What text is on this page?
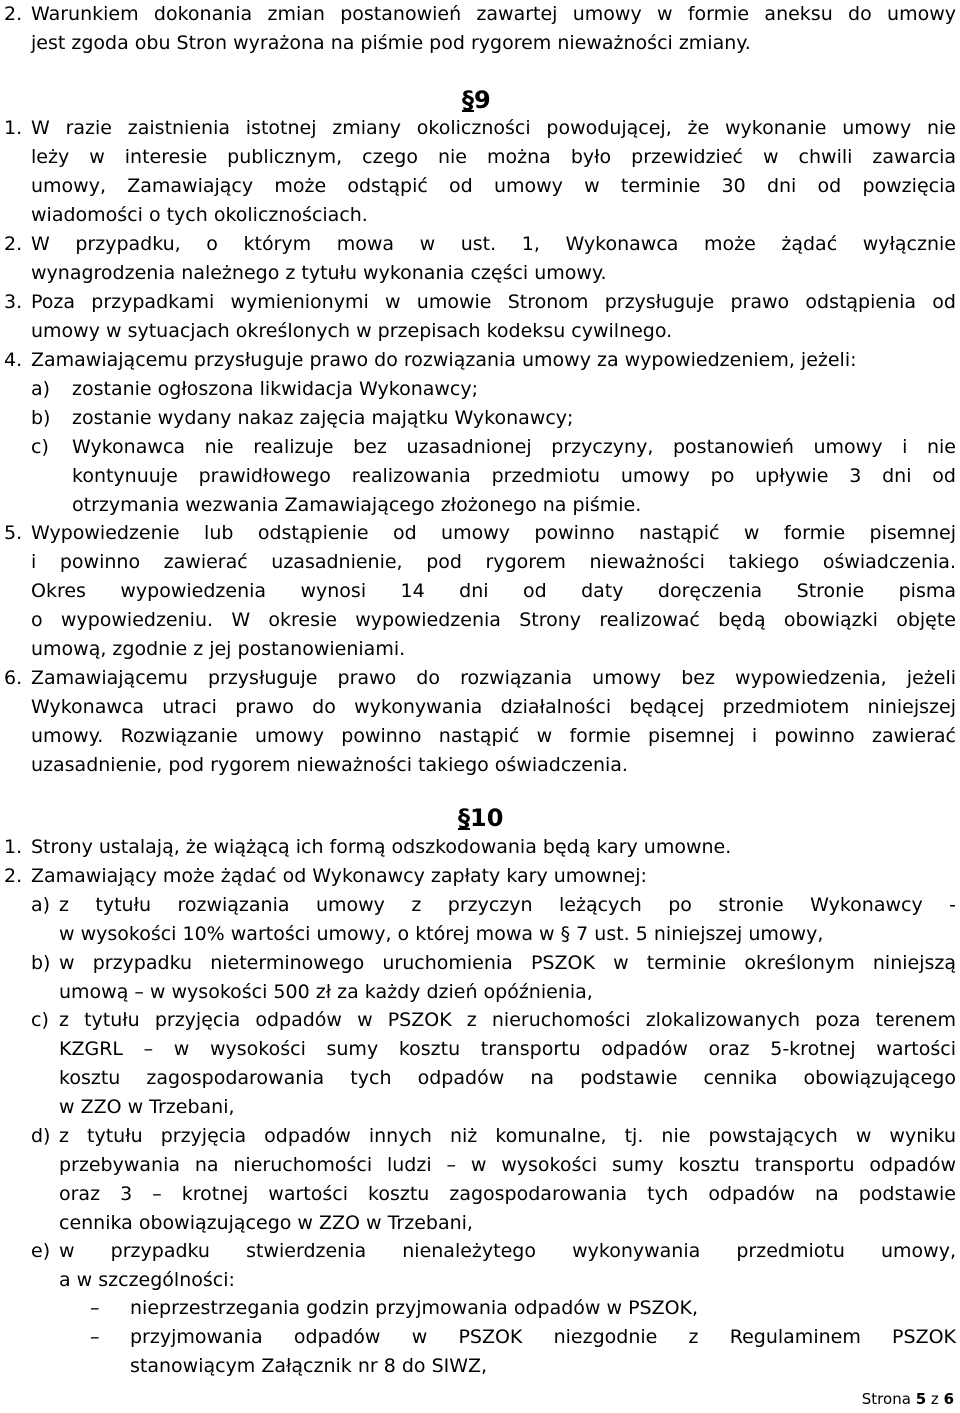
2. Warunkiem dokonania zmian postanowień zawartej umowy w formie aneksu do umowy
jest zgoda obu Stron wyrażona na piśmie pod rygorem nieważności zmiany.
§9
1. W razie zaistnienia istotnej zmiany okoliczności powodującej, że wykonanie umowy nie
leży w interesie publicznym, czego nie można było przewidzieć w chwili zawarcia
umowy, Zamawiający może odstąpić od umowy w terminie 30 dni od powzięcia
wiadomości o tych okolicznościach.
2. W przypadku, o którym mowa w ust. 1, Wykonawca może żądać wyłącznie
wynagrodzenia należnego z tytułu wykonania części umowy.
3. Poza przypadkami wymienionymi w umowie Stronom przysługuje prawo odstąpienia od
umowy w sytuacjach określonych w przepisach kodeksu cywilnego.
4. Zamawiającemu przysługuje prawo do rozwiązania umowy za wypowiedzeniem, jeżeli:
a) zostanie ogłoszona likwidacja Wykonawcy;
b) zostanie wydany nakaz zajęcia majątku Wykonawcy;
c) Wykonawca nie realizuje bez uzasadnionej przyczyny, postanowień umowy i nie
kontynuuje prawidłowego realizowania przedmiotu umowy po upływie 3 dni od
otrzymania wezwania Zamawiającego złożonego na piśmie.
5. Wypowiedzenie lub odstąpienie od umowy powinno nastąpić w formie pisemnej
i powinno zawierać uzasadnienie, pod rygorem nieważności takiego oświadczenia.
Okres wypowiedzenia wynosi 14 dni od daty doręczenia Stronie pisma
o wypowiedzeniu. W okresie wypowiedzenia Strony realizować będą obowiązki objęte
umową, zgodnie z jej postanowieniami.
6. Zamawiającemu przysługuje prawo do rozwiązania umowy bez wypowiedzenia, jeżeli
Wykonawca utraci prawo do wykonywania działalności będącej przedmiotem niniejszej
umowy. Rozwiązanie umowy powinno nastąpić w formie pisemnej i powinno zawierać
uzasadnienie, pod rygorem nieważności takiego oświadczenia.
§10
1. Strony ustalają, że wiążącą ich formą odszkodowania będą kary umowne.
2. Zamawiający może żądać od Wykonawcy zapłaty kary umownej:
a) z tytułu rozwiązania umowy z przyczyn leżących po stronie Wykonawcy -
w wysokości 10% wartości umowy, o której mowa w § 7 ust. 5 niniejszej umowy,
b) w przypadku nieterminowego uruchomienia PSZOK w terminie określonym niniejszą
umową – w wysokości 500 zł za każdy dzień opóźnienia,
c) z tytułu przyjęcia odpadów w PSZOK z nieruchomości zlokalizowanych poza terenem
KZGRL – w wysokości sumy kosztu transportu odpadów oraz 5-krotnej wartości
kosztu zagospodarowania tych odpadów na podstawie cennika obowiązującego
w ZZO w Trzebani,
d) z tytułu przyjęcia odpadów innych niż komunalne, tj. nie powstających w wyniku
przebywania na nieruchomości ludzi – w wysokości sumy kosztu transportu odpadów
oraz 3 – krotnej wartości kosztu zagospodarowania tych odpadów na podstawie
cennika obowiązującego w ZZO w Trzebani,
e) w przypadku stwierdzenia nienależytego wykonywania przedmiotu umowy,
a w szczególności:
– nieprzestrzegania godzin przyjmowania odpadów w PSZOK,
– przyjmowania odpadów w PSZOK niezgodnie z Regulaminem PSZOK
stanowiącym Załącznik nr 8 do SIWZ,
Strona 5 z 6
